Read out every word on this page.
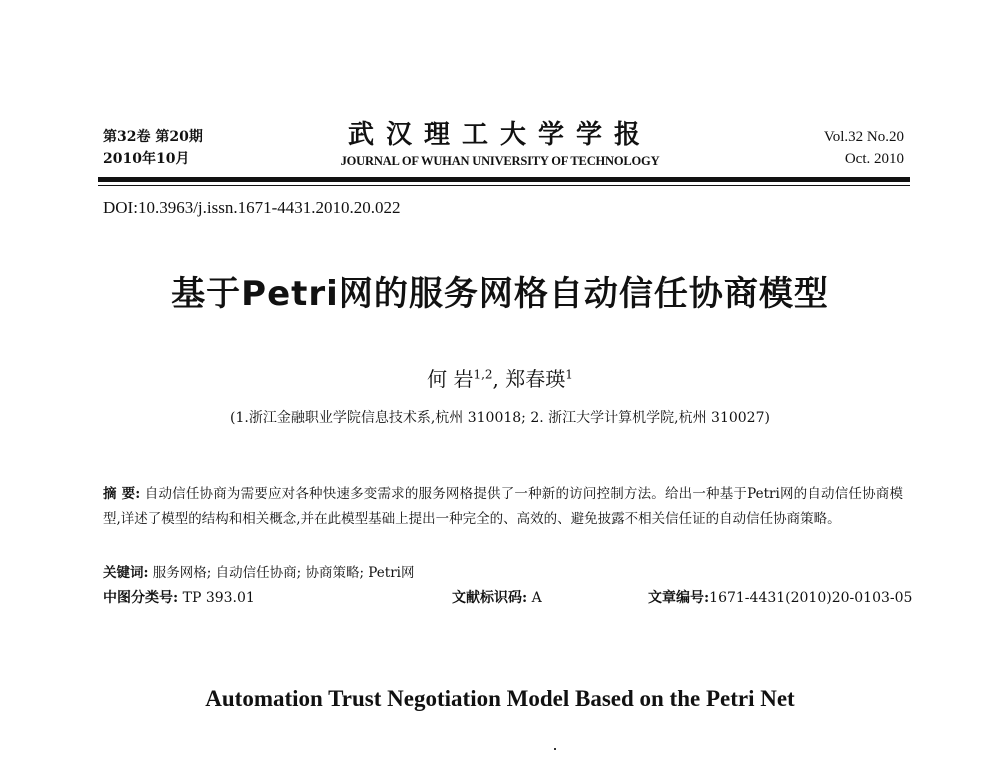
第32卷 第20期
2010年10月
武汉理工大学学报
JOURNAL OF WUHAN UNIVERSITY OF TECHNOLOGY
Vol.32 No.20
Oct. 2010
DOI:10.3963/j.issn.1671-4431.2010.20.022
基于Petri网的服务网格自动信任协商模型
何 岩$^{1,2}$, 郑春瑛$^1$
(1.浙江金融职业学院信息技术系,杭州 310018; 2. 浙江大学计算机学院,杭州 310027)
摘 要: 自动信任协商为需要应对各种快速多变需求的服务网格提供了一种新的访问控制方法。给出一种基于Petri网的自动信任协商模型,详述了模型的结构和相关概念,并在此模型基础上提出一种完全的、高效的、避免披露不相关信任证的自动信任协商策略。
关键词: 服务网格; 自动信任协商; 协商策略; Petri网
中图分类号: TP 393.01	文献标识码: A	文章编号:1671-4431(2010)20-0103-05
Automation Trust Negotiation Model Based on the Petri Net
